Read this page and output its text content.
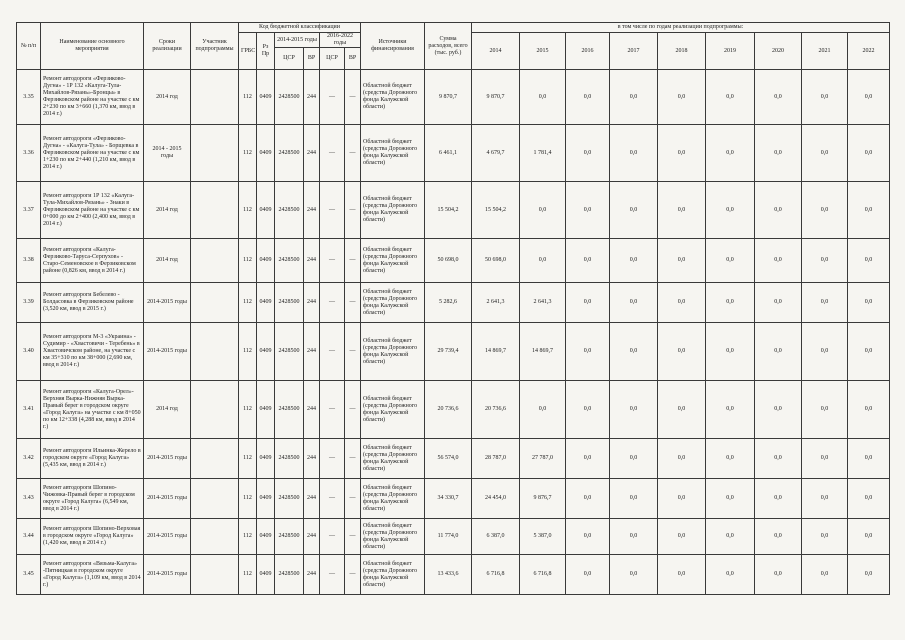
№ п/п	Наименование основного мероприятия	Сроки реализации	Участник подпрограммы	Код бюджетной классификации						Источники финансирования	Сумма расходов, всего (тыс. руб.)	в том числе по годам реализации подпрограммы:								
				ГРБС	Рз Пр	2014-2015 годы		2016-2022 годы				2014	2015	2016	2017	2018	2019	2020	2021	2022
						ЦСР	ВР	ЦСР	ВР											
3.35	Ремонт автодороги «Ферзиково-Дугна» - 1Р 132 «Калуга-Тула-Михайлов-Рязань»-Бронцы» в Ферзиковском районе на участке с км 2+230 по км 3+660 (1,370 км, ввод в 2014 г.)	2014 год		112	0409	2428500	244	—	—	Областной бюджет (средства Дорожного фонда Калужской области)	9 870,7	9 870,7	0,0	0,0	0,0	0,0	0,0	0,0	0,0	0,0
3.36	Ремонт автодороги «Ферзиково-Дугна» - «Калуга-Тула» - Борщевка в Ферзиковском районе на участке с км 1+230 по км 2+440 (1,210 км, ввод в 2014 г.)	2014 - 2015 годы		112	0409	2428500	244	—	—	Областной бюджет (средства Дорожного фонда Калужской области)	6 461,1	4 679,7	1 781,4	0,0	0,0	0,0	0,0	0,0	0,0	0,0
3.37	Ремонт автодороги 1Р 132 «Калуга-Тула-Михайлов-Рязань» - Знаки в Ферзиковском районе на участке с км 0+000 до км 2+400 (2,400 км, ввод в 2014 г.)	2014 год		112	0409	2428500	244	—	—	Областной бюджет (средства Дорожного фонда Калужской области)	15 504,2	15 504,2	0,0	0,0	0,0	0,0	0,0	0,0	0,0	0,0
3.38	Ремонт автодороги «Калуга-Ферзиково-Таруса-Серпухов» - Старо-Семеновское в Ферзиковском районе (0,826 км, ввод в 2014 г.)	2014 год		112	0409	2428500	244	—	—	Областной бюджет (средства Дорожного фонда Калужской области)	50 698,0	50 698,0	0,0	0,0	0,0	0,0	0,0	0,0	0,0	0,0
3.39	Ремонт автодороги Бебелево - Болдасовка в Ферзиковском районе (3,520 км, ввод в 2015 г.)	2014-2015 годы		112	0409	2428500	244	—	—	Областной бюджет (средства Дорожного фонда Калужской области)	5 282,6	2 641,3	2 641,3	0,0	0,0	0,0	0,0	0,0	0,0	0,0
3.40	Ремонт автодороги М-3 «Украина» - Судимир - «Хвастовичи - Теребень» в Хвастовичском районе, на участке с км 35+310 по км 38+000 (2,690 км, ввод в 2014 г.)	2014-2015 годы		112	0409	2428500	244	—	—	Областной бюджет (средства Дорожного фонда Калужской области)	29 739,4	14 869,7	14 869,7	0,0	0,0	0,0	0,0	0,0	0,0	0,0
3.41	Ремонт автодороги «Калуга-Орел»-Верхняя Вырка-Нижняя Вырка-Правый берег в городском округе «Город Калуга» на участке с км 8+050 по км 12+338 (4,288 км, ввод в 2014 г.)	2014 год		112	0409	2428500	244	—	—	Областной бюджет (средства Дорожного фонда Калужской области)	20 736,6	20 736,6	0,0	0,0	0,0	0,0	0,0	0,0	0,0	0,0
3.42	Ремонт автодороги Ильинка-Жерело в городском округе «Город Калуга» (5,435 км, ввод в 2014 г.)	2014-2015 годы		112	0409	2428500	244	—	—	Областной бюджет (средства Дорожного фонда Калужской области)	56 574,0	28 787,0	27 787,0	0,0	0,0	0,0	0,0	0,0	0,0	0,0
3.43	Ремонт автодороги Шопино-Чижовка-Правый берег в городском округе «Город Калуга» (6,549 км, ввод в 2014 г.)	2014-2015 годы		112	0409	2428500	244	—	—	Областной бюджет (средства Дорожного фонда Калужской области)	34 330,7	24 454,0	9 876,7	0,0	0,0	0,0	0,0	0,0	0,0	0,0
3.44	Ремонт автодороги Шопино-Верховая в городском округе «Город Калуга» (1,420 км, ввод в 2014 г.)	2014-2015 годы		112	0409	2428500	244	—	—	Областной бюджет (средства Дорожного фонда Калужской области)	11 774,0	6 387,0	5 387,0	0,0	0,0	0,0	0,0	0,0	0,0	0,0
3.45	Ремонт автодороги «Вязьма-Калуга» -Пятницкая в городском округе «Город Калуга» (1,109 км, ввод в 2014 г.)	2014-2015 годы		112	0409	2428500	244	—	—	Областной бюджет (средства Дорожного фонда Калужской области)	13 433,6	6 716,8	6 716,8	0,0	0,0	0,0	0,0	0,0	0,0	0,0
